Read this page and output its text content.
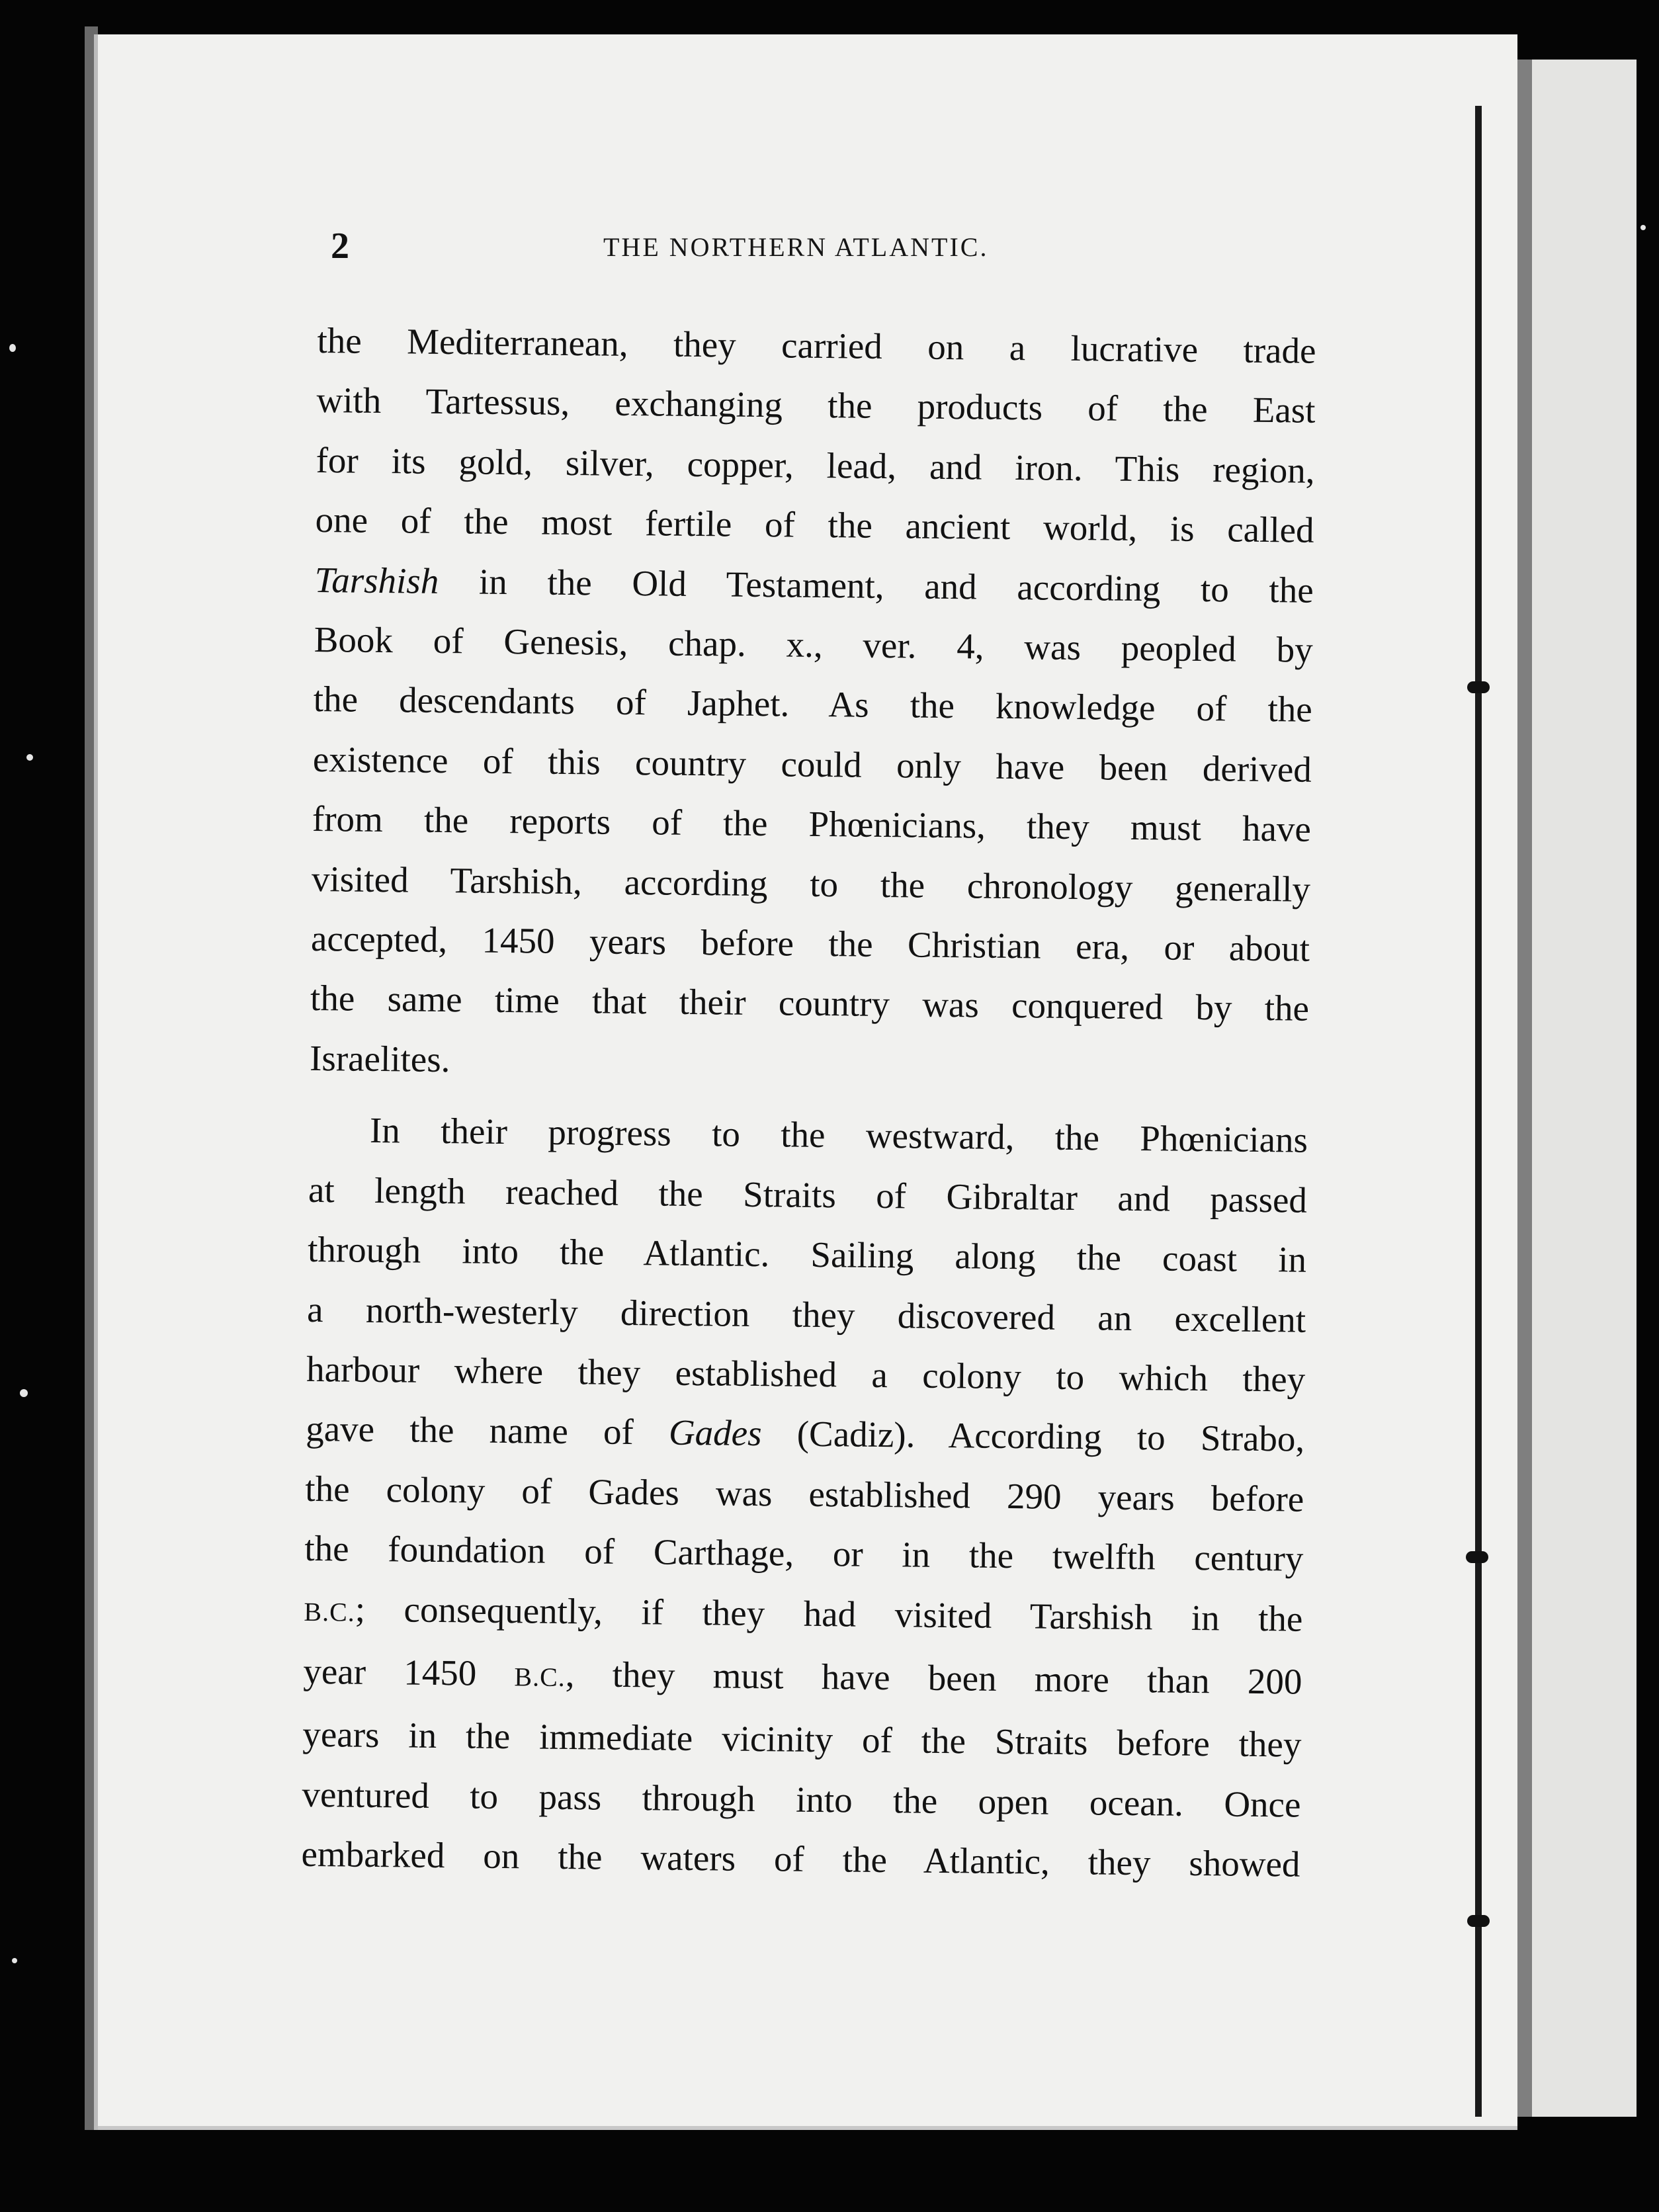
2	THE NORTHERN ATLANTIC.
the Mediterranean, they carried on a lucrative trade
with Tartessus, exchanging the products of the East
for its gold, silver, copper, lead, and iron. This region,
one of the most fertile of the ancient world, is called
Tarshish in the Old Testament, and according to the
Book of Genesis, chap. x., ver. 4, was peopled by
the descendants of Japhet. As the knowledge of the
existence of this country could only have been derived
from the reports of the Phœnicians, they must have
visited Tarshish, according to the chronology generally
accepted, 1450 years before the Christian era, or about
the same time that their country was conquered by the
Israelites.
In their progress to the westward, the Phœnicians
at length reached the Straits of Gibraltar and passed
through into the Atlantic. Sailing along the coast in
a north-westerly direction they discovered an excellent
harbour where they established a colony to which they
gave the name of Gades (Cadiz). According to Strabo,
the colony of Gades was established 290 years before
the foundation of Carthage, or in the twelfth century
B.C.; consequently, if they had visited Tarshish in the
year 1450 B.C., they must have been more than 200
years in the immediate vicinity of the Straits before they
ventured to pass through into the open ocean. Once
embarked on the waters of the Atlantic, they showed
